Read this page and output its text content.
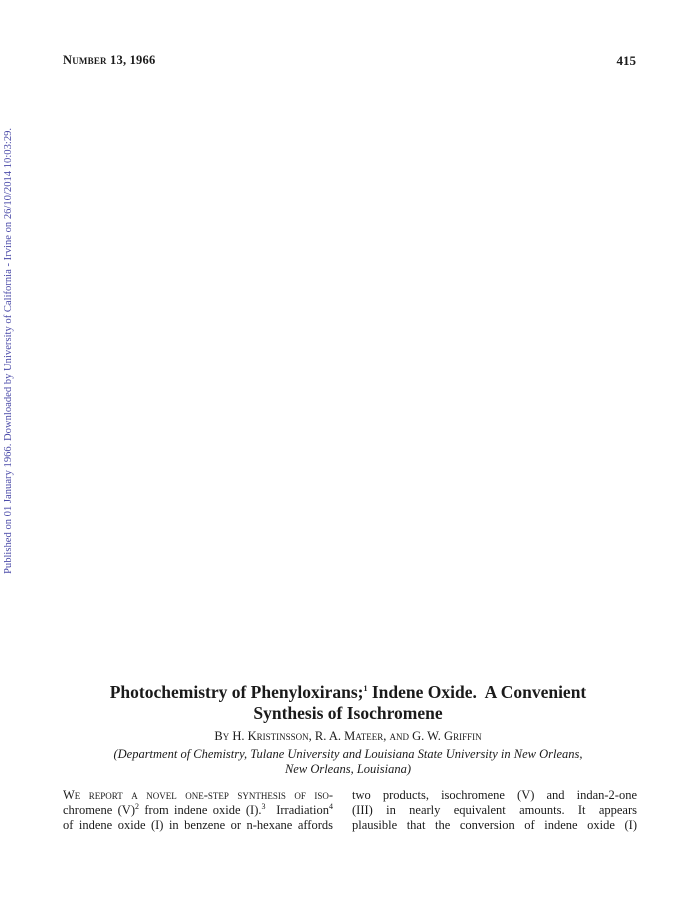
Number 13, 1966	415
Published on 01 January 1966. Downloaded by University of California - Irvine on 26/10/2014 10:03:29.
Photochemistry of Phenyloxirans;$^1$ Indene Oxide.  A Convenient
Synthesis of Isochromene
By H. Kristinsson, R. A. Mateer, and G. W. Griffin
(Department of Chemistry, Tulane University and Louisiana State University in New Orleans,
New Orleans, Louisiana)
We report a novel one-step synthesis of iso-
chromene $(V)^2$ from indene oxide (I).$^3$  Irradiation$^4$
of indene oxide (I) in benzene or n-hexane affords
two products, isochromene (V) and indan-2-one
(III) in nearly equivalent amounts. It appears
plausible that the conversion of indene oxide (I)
